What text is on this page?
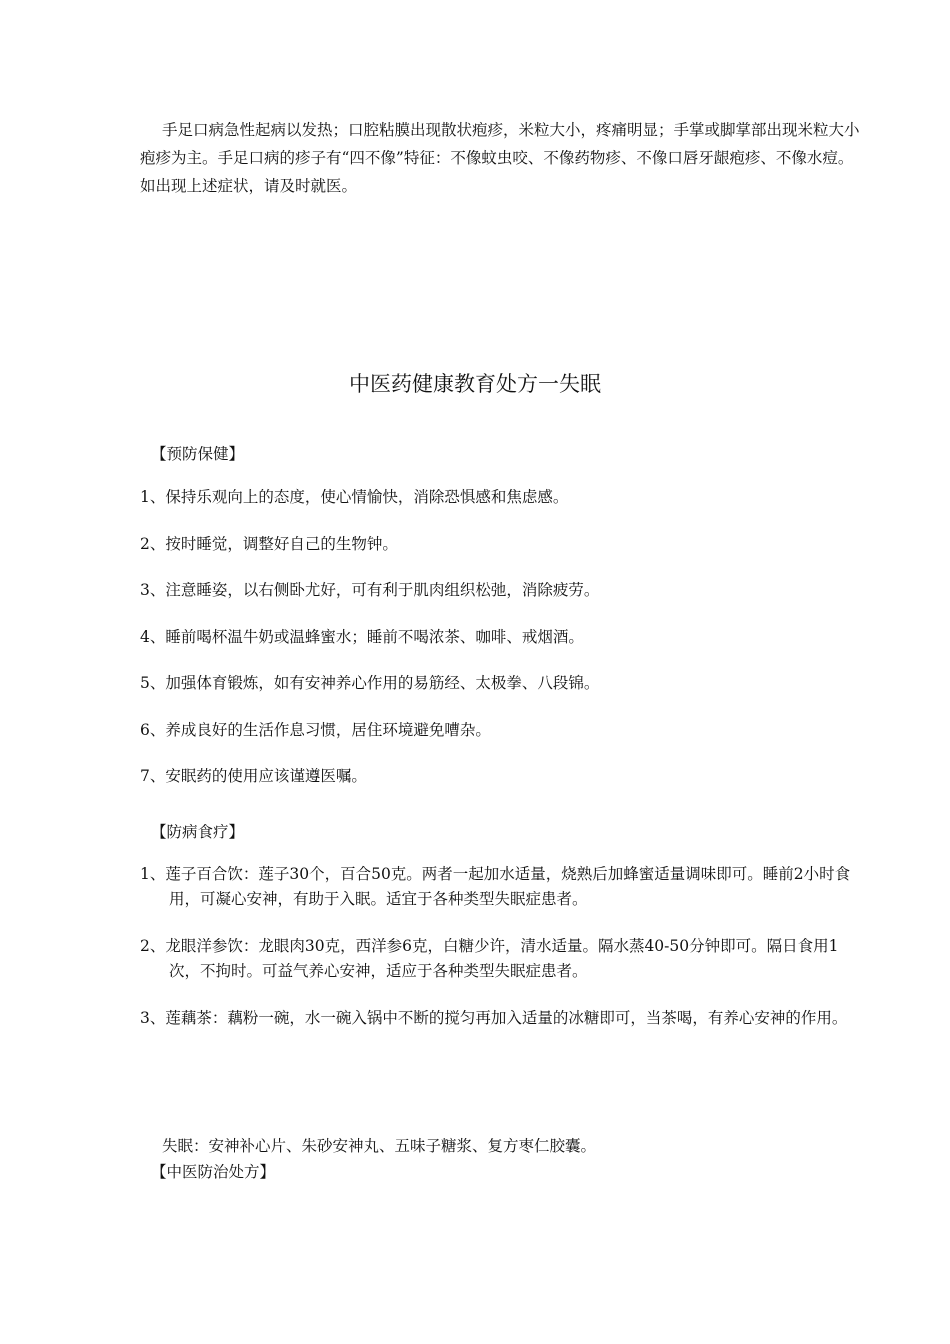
手足口病急性起病以发热；口腔粘膜出现散状疱疹，米粒大小，疼痛明显；手掌或脚掌部出现米粒大小疱疹为主。手足口病的疹子有“四不像”特征：不像蚊虫咬、不像药物疹、不像口唇牙龈疱疹、不像水痘。如出现上述症状，请及时就医。

中医药健康教育处方一失眠
【预防保健】
1、保持乐观向上的态度，使心情愉快，消除恐惧感和焦虑感。
2、按时睡觉，调整好自己的生物钟。
3、注意睡姿，以右侧卧尤好，可有利于肌肉组织松弛，消除疲劳。
4、睡前喝杯温牛奶或温蜂蜜水；睡前不喝浓茶、咖啡、戒烟酒。
5、加强体育锻炼，如有安神养心作用的易筋经、太极拳、八段锦。
6、养成良好的生活作息习惯，居住环境避免嘈杂。
7、安眠药的使用应该谨遵医嘱。
【防病食疗】
1、莲子百合饮：莲子30个，百合50克。两者一起加水适量，烧熟后加蜂蜜适量调味即可。睡前2小时食用，可凝心安神，有助于入眠。适宜于各种类型失眠症患者。
2、龙眼洋参饮：龙眼肉30克，西洋参6克，白糖少许，清水适量。隔水蒸40-50分钟即可。隔日食用1次，不拘时。可益气养心安神，适应于各种类型失眠症患者。
3、莲藕茶：藕粉一碗，水一碗入锅中不断的搅匀再加入适量的冰糖即可，当茶喝，有养心安神的作用。

失眠：安神补心片、朱砂安神丸、五味子糖浆、复方枣仁胶囊。

【中医防治处方】
